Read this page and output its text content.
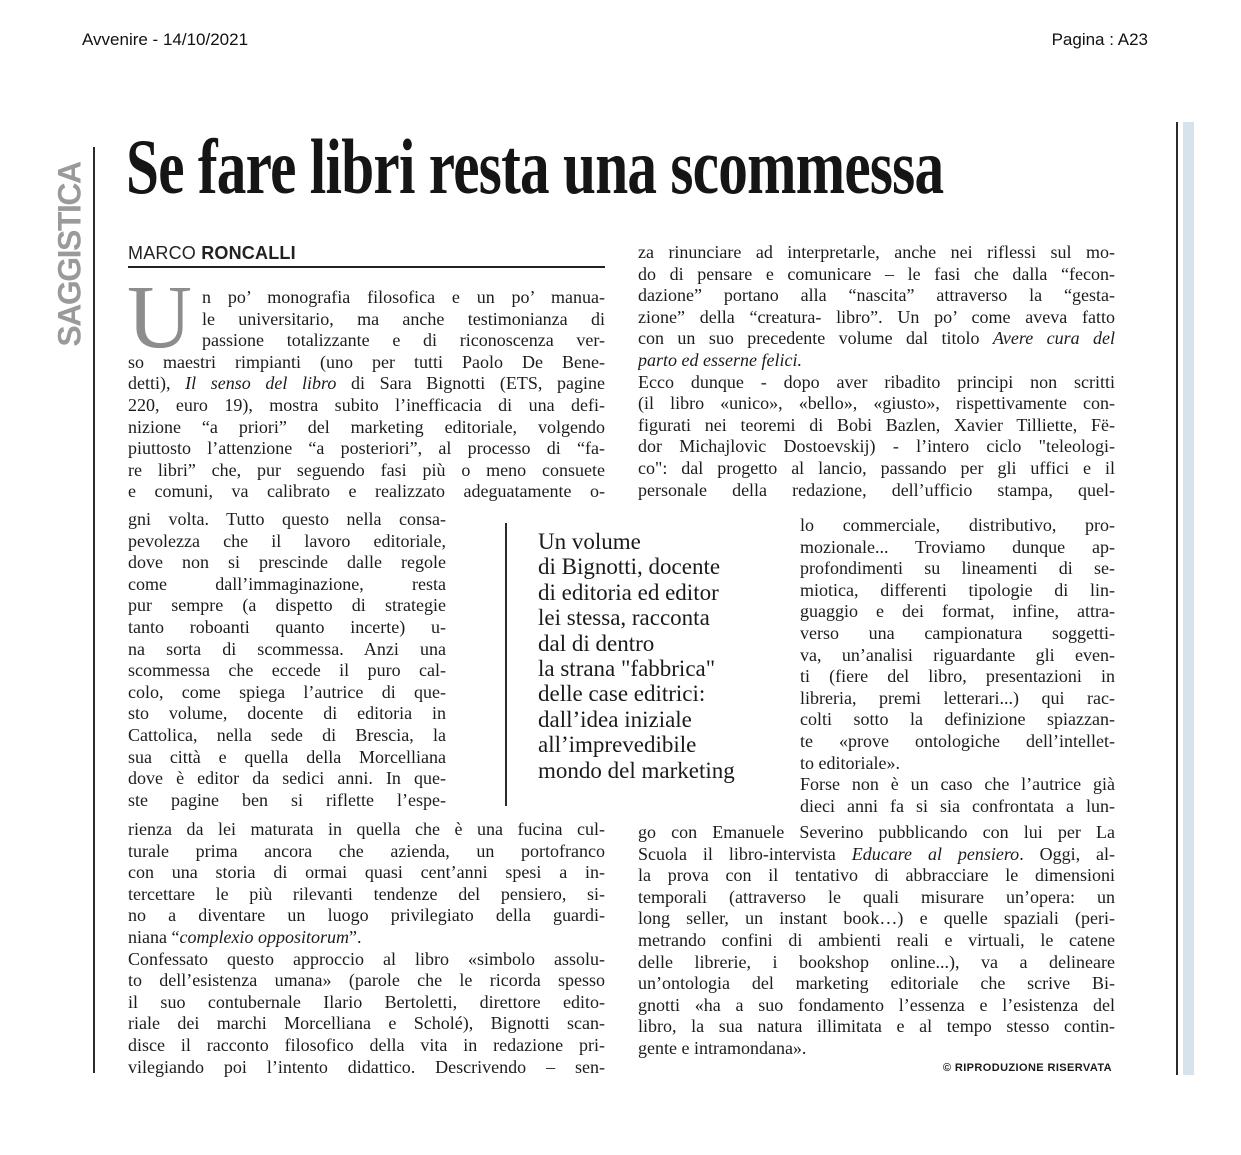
Avvenire - 14/10/2021	Pagina : A23
SAGGISTICA Se fare libri resta una scommessa
MARCO RONCALLI
U n po’ monografia filosofica e un po’ manua-
le universitario, ma anche testimonianza di
passione totalizzante e di riconoscenza ver-
so maestri rimpianti (uno per tutti Paolo De Bene-
detti), Il senso del libro di Sara Bignotti (ETS, pagine
220, euro 19), mostra subito l’inefficacia di una defi-
nizione “a priori” del marketing editoriale, volgendo
piuttosto l’attenzione “a posteriori”, al processo di “fa-
re libri” che, pur seguendo fasi più o meno consuete
e comuni, va calibrato e realizzato adeguatamente o-
gni volta. Tutto questo nella consa-
pevolezza che il lavoro editoriale,
dove non si prescinde dalle regole
come dall’immaginazione, resta
pur sempre (a dispetto di strategie
tanto roboanti quanto incerte) u-
na sorta di scommessa. Anzi una
scommessa che eccede il puro cal-
colo, come spiega l’autrice di que-
sto volume, docente di editoria in
Cattolica, nella sede di Brescia, la
sua città e quella della Morcelliana
dove è editor da sedici anni. In que-
ste pagine ben si riflette l’espe-
rienza da lei maturata in quella che è una fucina cul-
turale prima ancora che azienda, un portofranco
con una storia di ormai quasi cent’anni spesi a in-
tercettare le più rilevanti tendenze del pensiero, si-
no a diventare un luogo privilegiato della guardi-
niana “complexio oppositorum”.
Confessato questo approccio al libro «simbolo assolu-
to dell’esistenza umana» (parole che le ricorda spesso
il suo contubernale Ilario Bertoletti, direttore edito-
riale dei marchi Morcelliana e Scholé), Bignotti scan-
disce il racconto filosofico della vita in redazione pri-
vilegiando poi l’intento didattico. Descrivendo – sen-
za rinunciare ad interpretarle, anche nei riflessi sul mo-
do di pensare e comunicare – le fasi che dalla “fecon-
dazione” portano alla “nascita” attraverso la “gesta-
zione” della “creatura- libro”. Un po’ come aveva fatto
con un suo precedente volume dal titolo Avere cura del
parto ed esserne felici.
Ecco dunque - dopo aver ribadito principi non scritti
(il libro «unico», «bello», «giusto», rispettivamente con-
figurati nei teoremi di Bobi Bazlen, Xavier Tilliette, Fë-
dor Michajlovic Dostoevskij) - l’intero ciclo "teleologi-
co": dal progetto al lancio, passando per gli uffici e il
personale della redazione, dell’ufficio stampa, quel-
lo commerciale, distributivo, pro-
mozionale... Troviamo dunque ap-
profondimenti su lineamenti di se-
miotica, differenti tipologie di lin-
guaggio e dei format, infine, attra-
verso una campionatura soggetti-
va, un’analisi riguardante gli even-
ti (fiere del libro, presentazioni in
libreria, premi letterari...) qui rac-
colti sotto la definizione spiazzan-
te «prove ontologiche dell’intellet-
to editoriale».
Forse non è un caso che l’autrice già
dieci anni fa si sia confrontata a lun-
go con Emanuele Severino pubblicando con lui per La
Scuola il libro-intervista Educare al pensiero. Oggi, al-
la prova con il tentativo di abbracciare le dimensioni
temporali (attraverso le quali misurare un’opera: un
long seller, un instant book…) e quelle spaziali (peri-
metrando confini di ambienti reali e virtuali, le catene
delle librerie, i bookshop online...), va a delineare
un’ontologia del marketing editoriale che scrive Bi-
gnotti «ha a suo fondamento l’essenza e l’esistenza del
libro, la sua natura illimitata e al tempo stesso contin-
gente e intramondana».
Un volume
di Bignotti, docente
di editoria ed editor
lei stessa, racconta
dal di dentro
la strana "fabbrica"
delle case editrici:
dall’idea iniziale
all’imprevedibile
mondo del marketing
© RIPRODUZIONE RISERVATA
